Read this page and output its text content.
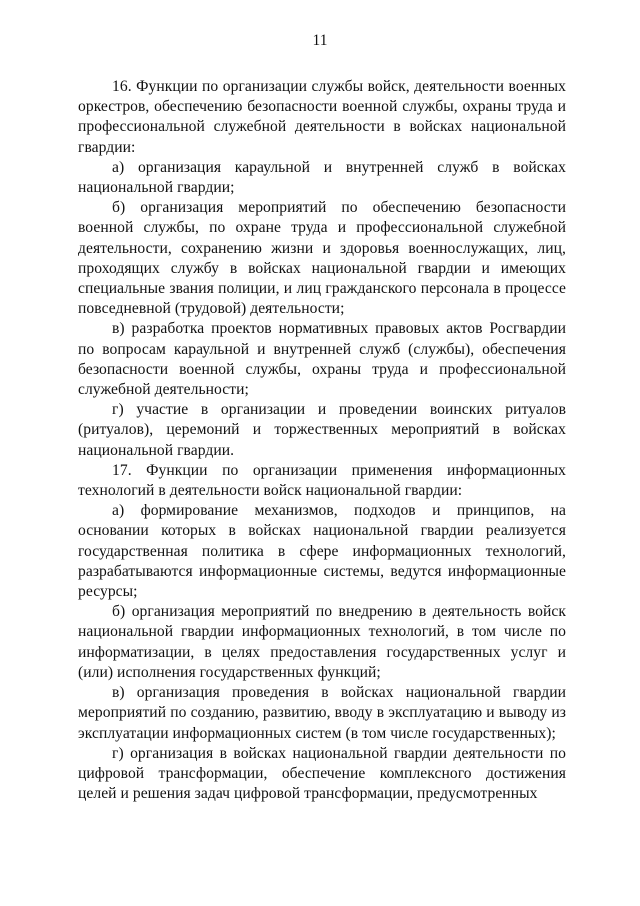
11

16. Функции по организации службы войск, деятельности военных оркестров, обеспечению безопасности военной службы, охраны труда и профессиональной служебной деятельности в войсках национальной гвардии:

а) организация караульной и внутренней служб в войсках национальной гвардии;

б) организация мероприятий по обеспечению безопасности военной службы, по охране труда и профессиональной служебной деятельности, сохранению жизни и здоровья военнослужащих, лиц, проходящих службу в войсках национальной гвардии и имеющих специальные звания полиции, и лиц гражданского персонала в процессе повседневной (трудовой) деятельности;

в) разработка проектов нормативных правовых актов Росгвардии по вопросам караульной и внутренней служб (службы), обеспечения безопасности военной службы, охраны труда и профессиональной служебной деятельности;

г) участие в организации и проведении воинских ритуалов (ритуалов), церемоний и торжественных мероприятий в войсках национальной гвардии.

17. Функции по организации применения информационных технологий в деятельности войск национальной гвардии:

а) формирование механизмов, подходов и принципов, на основании которых в войсках национальной гвардии реализуется государственная политика в сфере информационных технологий, разрабатываются информационные системы, ведутся информационные ресурсы;

б) организация мероприятий по внедрению в деятельность войск национальной гвардии информационных технологий, в том числе по информатизации, в целях предоставления государственных услуг и (или) исполнения государственных функций;

в) организация проведения в войсках национальной гвардии мероприятий по созданию, развитию, вводу в эксплуатацию и выводу из эксплуатации информационных систем (в том числе государственных);

г) организация в войсках национальной гвардии деятельности по цифровой трансформации, обеспечение комплексного достижения целей и решения задач цифровой трансформации, предусмотренных
